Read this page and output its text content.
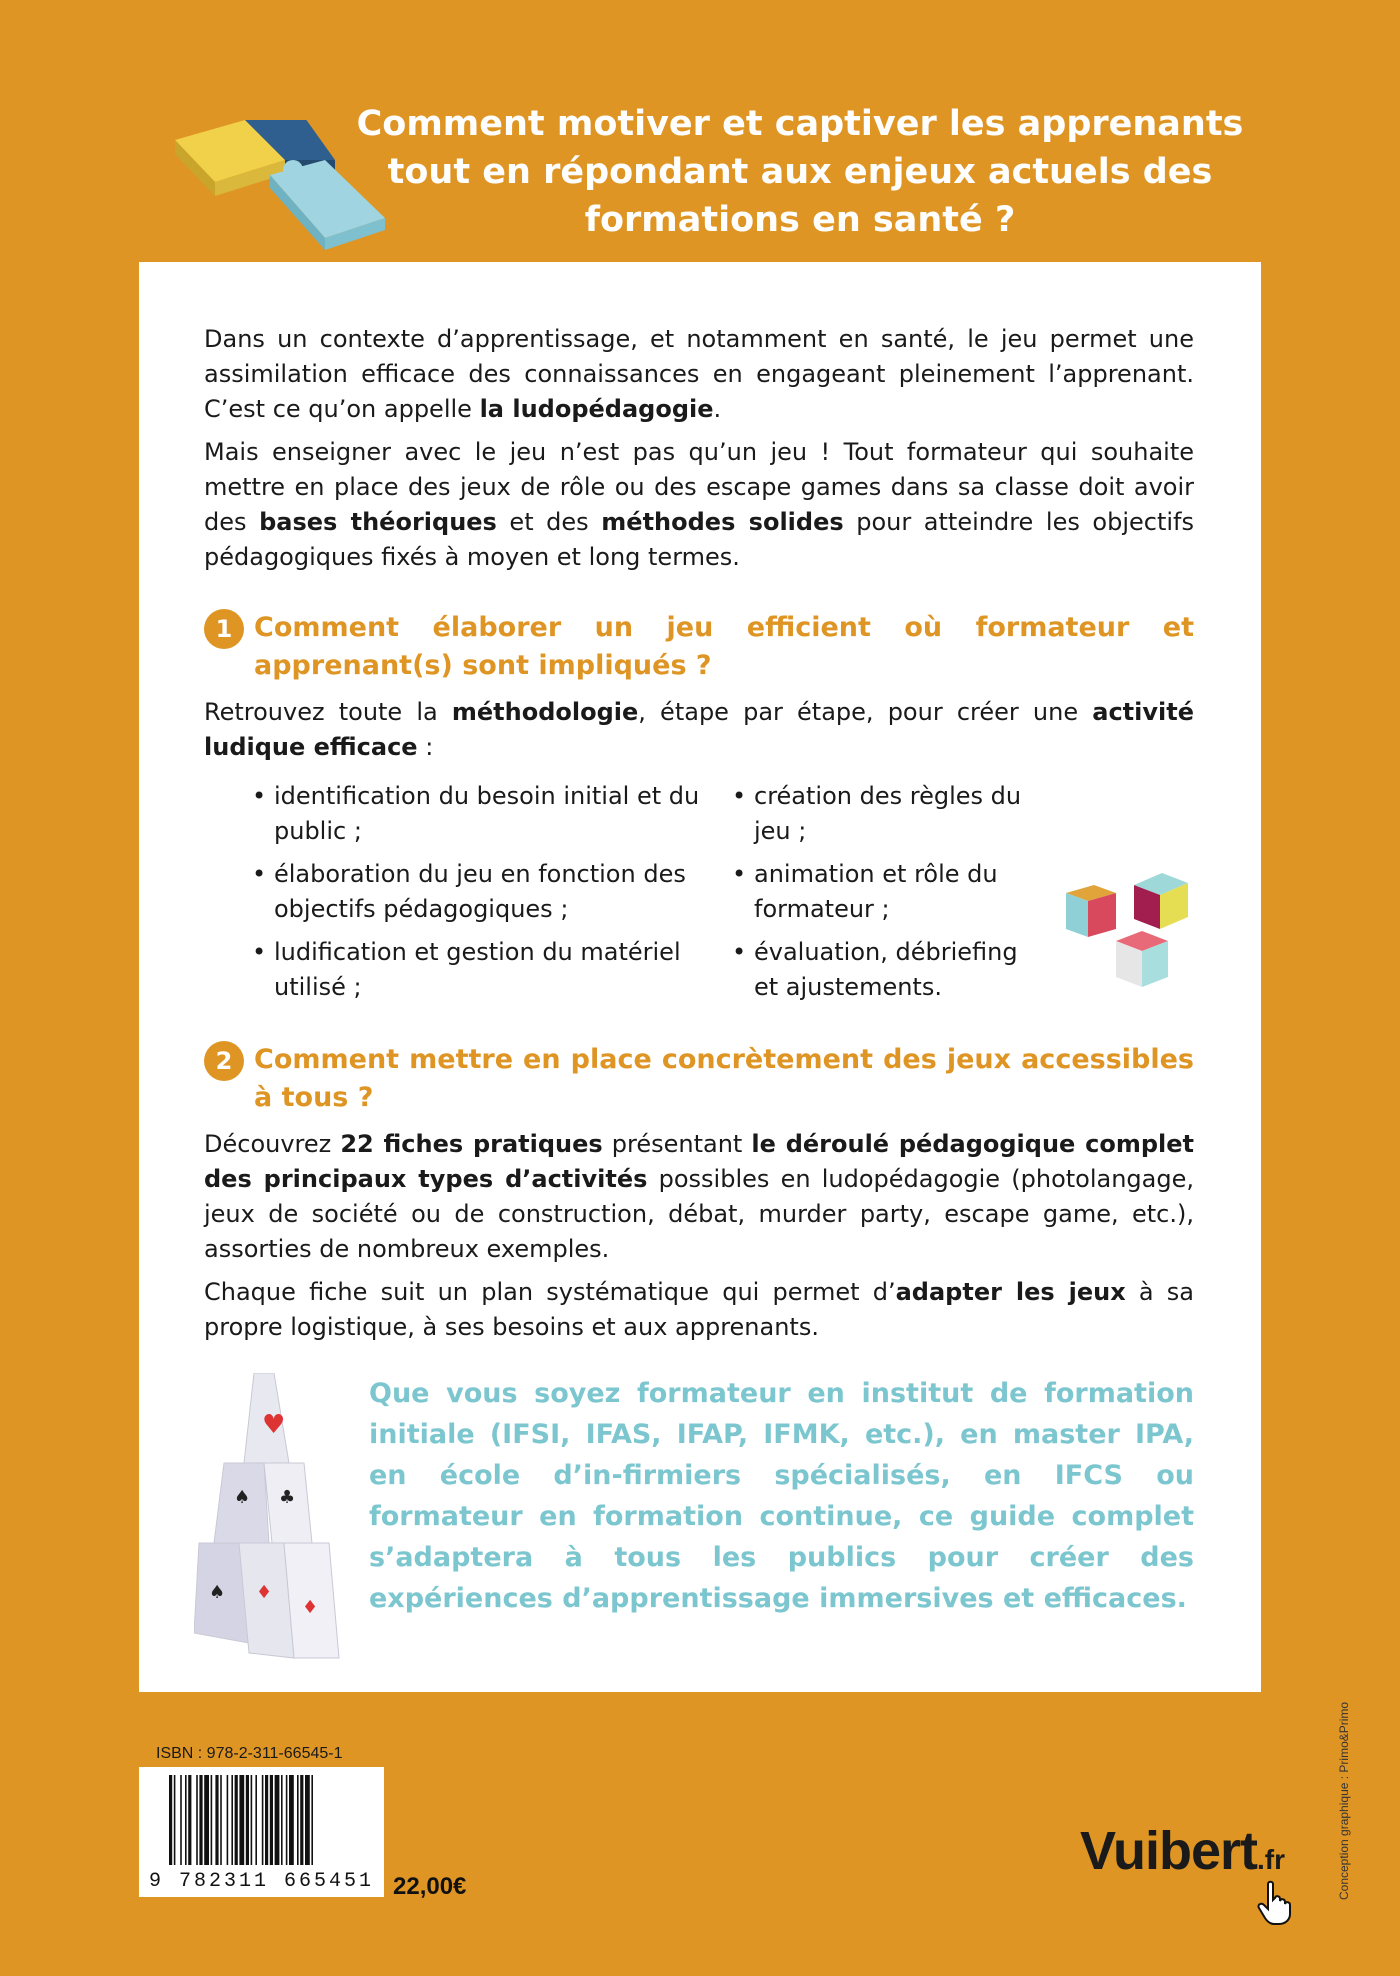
Comment motiver et captiver les apprenants
tout en répondant aux enjeux actuels des
formations en santé ?

Dans un contexte d’apprentissage, et notamment en santé, le jeu permet une assimilation efficace des connaissances en engageant pleinement l’apprenant. C’est ce qu’on appelle la ludopédagogie.

Mais enseigner avec le jeu n’est pas qu’un jeu ! Tout formateur qui souhaite mettre en place des jeux de rôle ou des escape games dans sa classe doit avoir des bases théoriques et des méthodes solides pour atteindre les objectifs pédagogiques fixés à moyen et long termes.

1 Comment élaborer un jeu efficient où formateur et apprenant(s) sont impliqués ?

Retrouvez toute la méthodologie, étape par étape, pour créer une activité ludique efficace :

• identification du besoin initial et du public ;
• élaboration du jeu en fonction des objectifs pédagogiques ;
• ludification et gestion du matériel utilisé ;
• création des règles du jeu ;
• animation et rôle du formateur ;
• évaluation, débriefing et ajustements.
2 Comment mettre en place concrètement des jeux accessibles à tous ?

Découvrez 22 fiches pratiques présentant le déroulé pédagogique complet des principaux types d’activités possibles en ludopédagogie (photolangage, jeux de société ou de construction, débat, murder party, escape game, etc.), assorties de nombreux exemples.

Chaque fiche suit un plan systématique qui permet d’adapter les jeux à sa propre logistique, à ses besoins et aux apprenants.

♥
♠ ♣
♠ ♦
♦
Que vous soyez formateur en institut de formation initiale (IFSI, IFAS, IFAP, IFMK, etc.), en master IPA, en école d’in-firmiers spécialisés, en IFCS ou formateur en formation continue, ce guide complet s’adaptera à tous les publics pour créer des expériences d’apprentissage immersives et efficaces.
ISBN : 978-2-311-66545-1
9 782311 665451 22,00€	Conception graphique : Primo&Primo
Vuibert.fr
